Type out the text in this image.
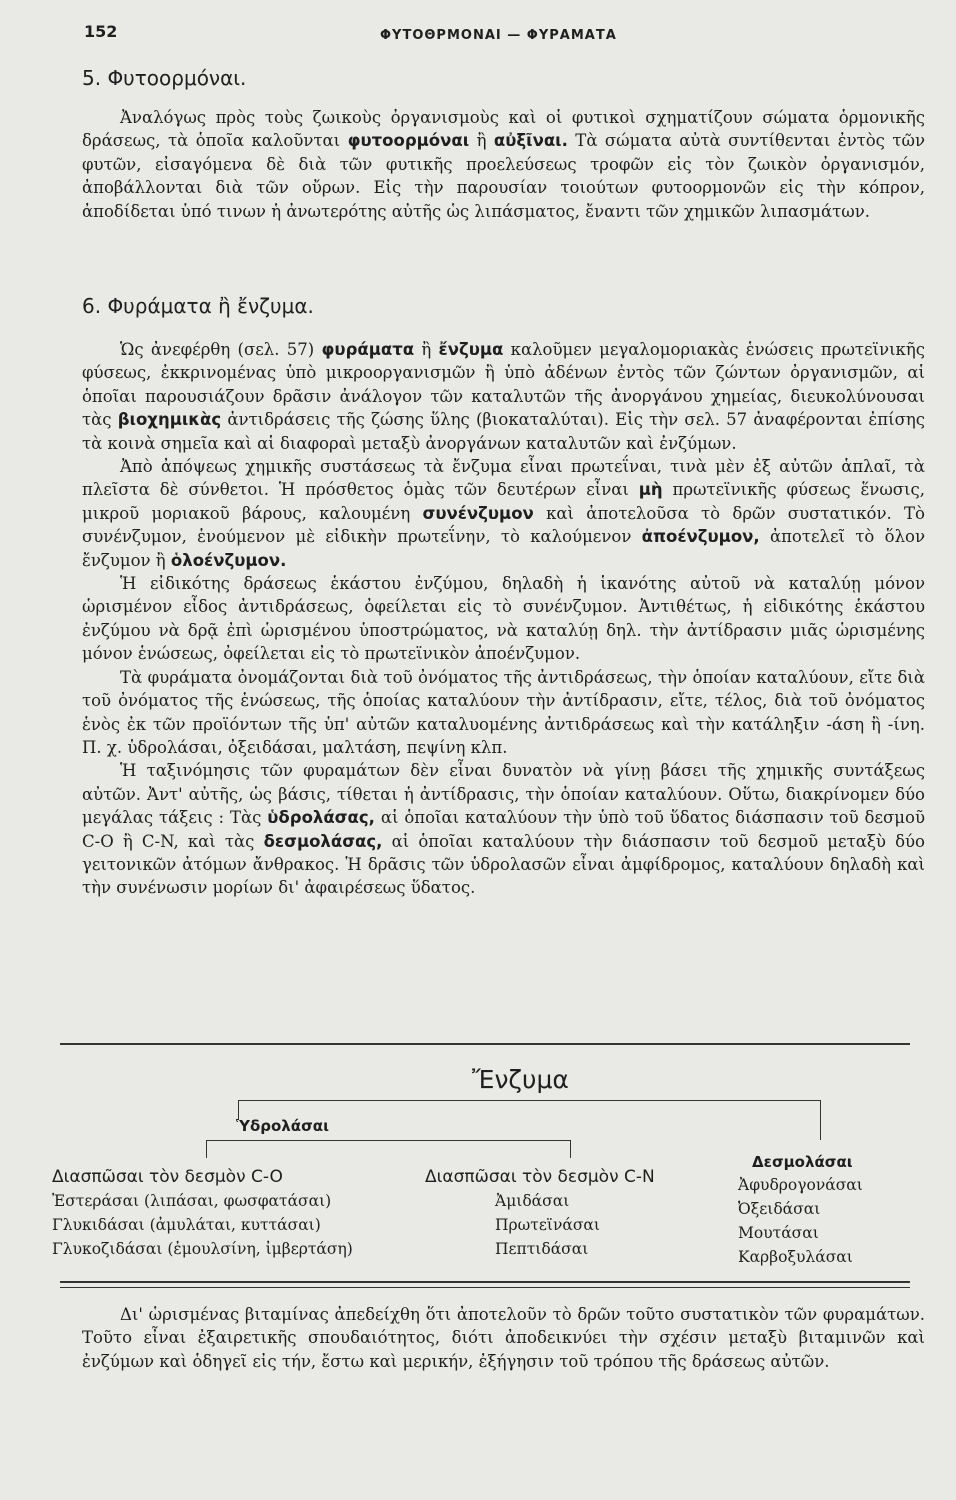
152	ΦΥΤΟΘΡΜΟΝΑΙ — ΦΥΡΑΜΑΤΑ
5. Φυτοορμόναι.

Ἀναλόγως πρὸς τοὺς ζωικοὺς ὀργανισμοὺς καὶ οἱ φυτικοὶ σχηματίζουν σώματα ὁρμονικῆς δράσεως, τὰ ὁποῖα καλοῦνται φυτοορμόναι ἢ αὐξῖναι. Τὰ σώματα αὐτὰ συντίθενται ἐντὸς τῶν φυτῶν, εἰσαγόμενα δὲ διὰ τῶν φυτικῆς προελεύσεως τροφῶν εἰς τὸν ζωικὸν ὀργανισμόν, ἀποβάλλονται διὰ τῶν οὔρων. Εἰς τὴν παρουσίαν τοιούτων φυτοορμονῶν εἰς τὴν κόπρον, ἀποδίδεται ὑπό τινων ἡ ἀνωτερότης αὐτῆς ὡς λιπάσματος, ἔναντι τῶν χημικῶν λιπασμάτων.

6. Φυράματα ἢ ἔνζυμα.

Ὡς ἀνεφέρθη (σελ. 57) φυράματα ἢ ἔνζυμα καλοῦμεν μεγαλομοριακὰς ἑνώσεις πρωτεϊνικῆς φύσεως, ἐκκρινομένας ὑπὸ μικροοργανισμῶν ἢ ὑπὸ ἀδένων ἐντὸς τῶν ζώντων ὀργανισμῶν, αἱ ὁποῖαι παρουσιάζουν δρᾶσιν ἀνάλογον τῶν καταλυτῶν τῆς ἀνοργάνου χημείας, διευκολύνουσαι τὰς βιοχημικὰς ἀντιδράσεις τῆς ζώσης ὕλης (βιοκαταλύται). Εἰς τὴν σελ. 57 ἀναφέρονται ἐπίσης τὰ κοινὰ σημεῖα καὶ αἱ διαφοραὶ μεταξὺ ἀνοργάνων καταλυτῶν καὶ ἐνζύμων.

Ἀπὸ ἀπόψεως χημικῆς συστάσεως τὰ ἔνζυμα εἶναι πρωτεΐναι, τινὰ μὲν ἐξ αὐτῶν ἁπλαῖ, τὰ πλεῖστα δὲ σύνθετοι. Ἡ πρόσθετος ὁμὰς τῶν δευτέρων εἶναι μὴ πρωτεϊνικῆς φύσεως ἕνωσις, μικροῦ μοριακοῦ βάρους, καλουμένη συνένζυμον καὶ ἀποτελοῦσα τὸ δρῶν συστατικόν. Τὸ συνένζυμον, ἑνούμενον μὲ εἰδικὴν πρωτεΐνην, τὸ καλούμενον ἀποένζυμον, ἀποτελεῖ τὸ ὅλον ἔνζυμον ἢ ὁλοένζυμον.

Ἡ εἰδικότης δράσεως ἑκάστου ἐνζύμου, δηλαδὴ ἡ ἱκανότης αὐτοῦ νὰ καταλύῃ μόνον ὡρισμένον εἶδος ἀντιδράσεως, ὀφείλεται εἰς τὸ συνένζυμον. Ἀντιθέτως, ἡ εἰδικότης ἑκάστου ἐνζύμου νὰ δρᾷ ἐπὶ ὡρισμένου ὑποστρώματος, νὰ καταλύῃ δηλ. τὴν ἀντίδρασιν μιᾶς ὡρισμένης μόνον ἑνώσεως, ὀφείλεται εἰς τὸ πρωτεϊνικὸν ἀποένζυμον.

Τὰ φυράματα ὀνομάζονται διὰ τοῦ ὀνόματος τῆς ἀντιδράσεως, τὴν ὁποίαν καταλύουν, εἴτε διὰ τοῦ ὀνόματος τῆς ἑνώσεως, τῆς ὁποίας καταλύουν τὴν ἀντίδρασιν, εἴτε, τέλος, διὰ τοῦ ὀνόματος ἑνὸς ἐκ τῶν προϊόντων τῆς ὑπ' αὐτῶν καταλυομένης ἀντιδράσεως καὶ τὴν κατάληξιν -άση ἢ -ίνη. Π. χ. ὑδρολάσαι, ὀξειδάσαι, μαλτάση, πεψίνη κλπ.

Ἡ ταξινόμησις τῶν φυραμάτων δὲν εἶναι δυνατὸν νὰ γίνῃ βάσει τῆς χημικῆς συντάξεως αὐτῶν. Ἀντ' αὐτῆς, ὡς βάσις, τίθεται ἡ ἀντίδρασις, τὴν ὁποίαν καταλύουν. Οὕτω, διακρίνομεν δύο μεγάλας τάξεις : Τὰς ὑδρολάσας, αἱ ὁποῖαι καταλύουν τὴν ὑπὸ τοῦ ὕδατος διάσπασιν τοῦ δεσμοῦ C-O ἢ C-N, καὶ τὰς δεσμολάσας, αἱ ὁποῖαι καταλύουν τὴν διάσπασιν τοῦ δεσμοῦ μεταξὺ δύο γειτονικῶν ἀτόμων ἄνθρακος. Ἡ δρᾶσις τῶν ὑδρολασῶν εἶναι ἀμφίδρομος, καταλύουν δηλαδὴ καὶ τὴν συνένωσιν μορίων δι' ἀφαιρέσεως ὕδατος.

Ἔνζυμα
Ὑδρολάσαι
Δεσμολάσαι
Διασπῶσαι τὸν δεσμὸν C-O
Ἐστεράσαι (λιπάσαι, φωσφατάσαι)
Γλυκιδάσαι (ἀμυλάται, κυττάσαι)
Γλυκοζιδάσαι (ἐμουλσίνη, ἰμβερτάση)
Διασπῶσαι τὸν δεσμὸν C-N
Ἀμιδάσαι
Πρωτεϊνάσαι
Πεπτιδάσαι
Ἀφυδρογονάσαι
Ὀξειδάσαι
Μουτάσαι
Καρβοξυλάσαι

Δι' ὡρισμένας βιταμίνας ἀπεδείχθη ὅτι ἀποτελοῦν τὸ δρῶν τοῦτο συστατικὸν τῶν φυραμάτων. Τοῦτο εἶναι ἐξαιρετικῆς σπουδαιότητος, διότι ἀποδεικνύει τὴν σχέσιν μεταξὺ βιταμινῶν καὶ ἐνζύμων καὶ ὁδηγεῖ εἰς τήν, ἔστω καὶ μερικήν, ἐξήγησιν τοῦ τρόπου τῆς δράσεως αὐτῶν.
